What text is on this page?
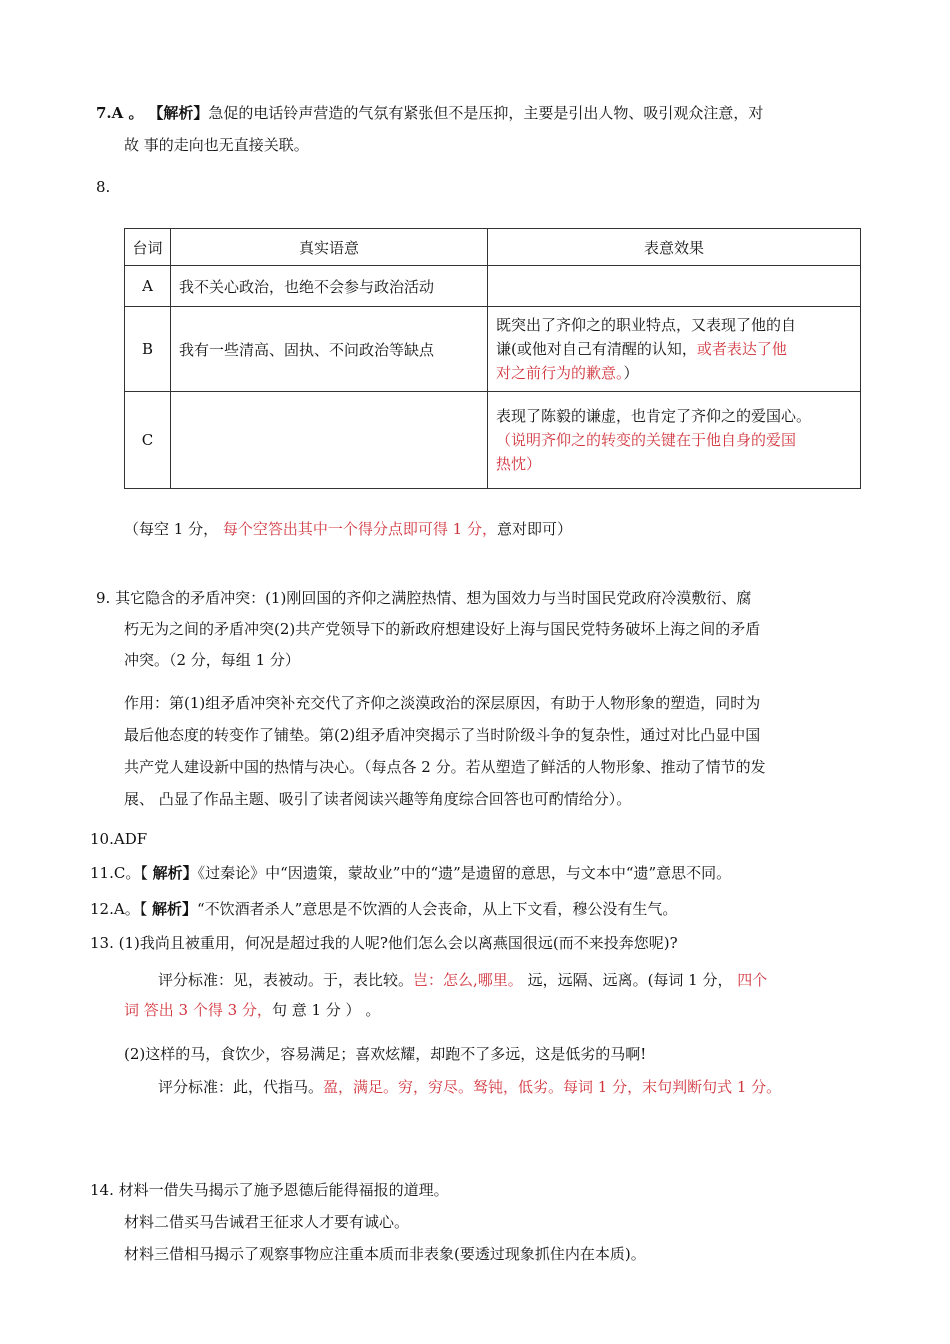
7.A 。 【解析】急促的电话铃声营造的气氛有紧张但不是压抑，主要是引出人物、吸引观众注意，对
故 事的走向也无直接关联。
8.
台词	真实语意	表意效果
A	我不关心政治，也绝不会参与政治活动	
B	我有一些清高、固执、不问政治等缺点	既突出了齐仰之的职业特点，又表现了他的自
谦(或他对自己有清醒的认知，或者表达了他
对之前行为的歉意。）

C		表现了陈毅的谦虚，也肯定了齐仰之的爱国心。
（说明齐仰之的转变的关键在于他自身的爱国
热忱）
（每空 1 分， 每个空答出其中一个得分点即可得 1 分，意对即可）
9. 其它隐含的矛盾冲突：(1)刚回国的齐仰之满腔热情、想为国效力与当时国民党政府冷漠敷衍、腐
朽无为之间的矛盾冲突(2)共产党领导下的新政府想建设好上海与国民党特务破坏上海之间的矛盾
冲突。（2 分，每组 1 分）
作用：第(1)组矛盾冲突补充交代了齐仰之淡漠政治的深层原因，有助于人物形象的塑造，同时为
最后他态度的转变作了铺垫。第(2)组矛盾冲突揭示了当时阶级斗争的复杂性，通过对比凸显中国
共产党人建设新中国的热情与决心。（每点各 2 分。若从塑造了鲜活的人物形象、推动了情节的发
展、 凸显了作品主题、吸引了读者阅读兴趣等角度综合回答也可酌情给分）。
10.ADF
11.C。【 解析】《过秦论》中“因遗策，蒙故业”中的“遗”是遗留的意思，与文本中“遗”意思不同。
12.A。【 解析】“不饮酒者杀人”意思是不饮酒的人会丧命，从上下文看，穆公没有生气。
13. (1)我尚且被重用，何况是超过我的人呢?他们怎么会以离燕国很远(而不来投奔您呢)?
评分标准：见，表被动。于，表比较。岂：怎么,哪里。 远，远隔、远离。(每词 1 分， 四个
词 答出 3 个得 3 分，句 意 1 分 ） 。
(2)这样的马，食饮少，容易满足；喜欢炫耀，却跑不了多远，这是低劣的马啊!
评分标准：此，代指马。盈，满足。穷，穷尽。驽钝，低劣。每词 1 分，末句判断句式 1 分。
14. 材料一借失马揭示了施予恩德后能得福报的道理。
材料二借买马告诫君王征求人才要有诚心。
材料三借相马揭示了观察事物应注重本质而非表象(要透过现象抓住内在本质)。
